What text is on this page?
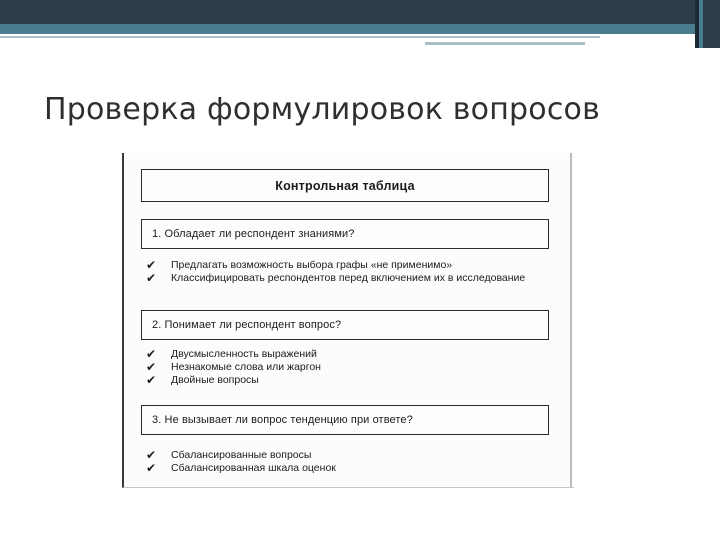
Проверка формулировок вопросов
Контрольная таблица
1. Обладает ли респондент знаниями?
✔	Предлагать возможность выбора графы «не применимо»
✔	Классифицировать респондентов перед включением их в исследование
2. Понимает ли респондент вопрос?
✔	Двусмысленность выражений
✔	Незнакомые слова или жаргон
✔	Двойные вопросы
3. Не вызывает ли вопрос тенденцию при ответе?
✔	Сбалансированные вопросы
✔	Сбалансированная шкала оценок
